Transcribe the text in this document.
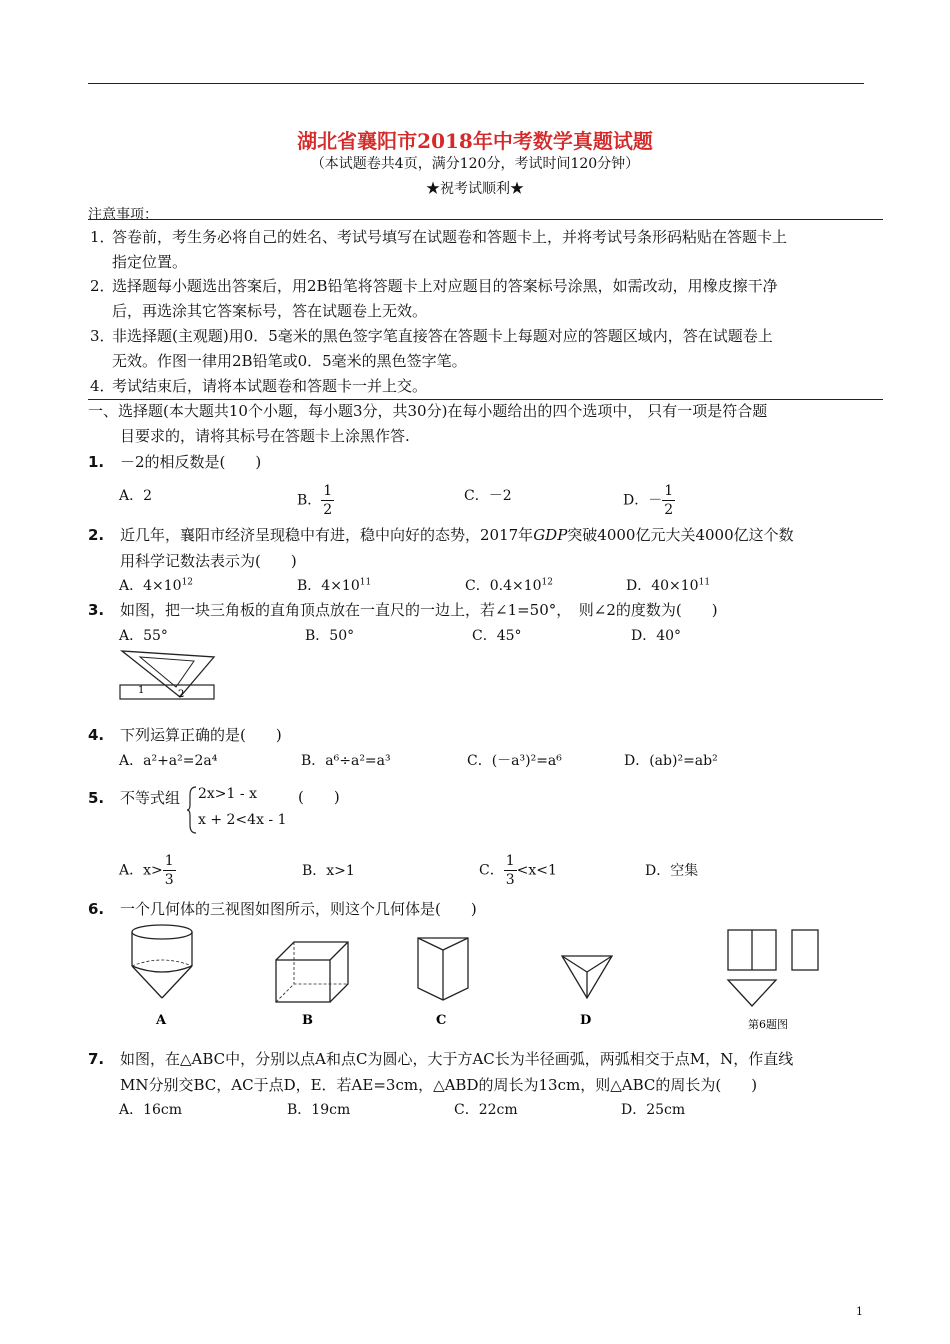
湖北省襄阳市2018年中考数学真题试题
（本试题卷共4页，满分120分，考试时间120分钟）
★祝考试顺利★
注意事项：
1．答卷前，考生务必将自己的姓名、考试号填写在试题卷和答题卡上，并将考试号条形码粘贴在答题卡上
指定位置。
2．选择题每小题选出答案后，用2B铅笔将答题卡上对应题目的答案标号涂黑，如需改动，用橡皮擦干净
后，再选涂其它答案标号，答在试题卷上无效。
3．非选择题(主观题)用0．5毫米的黑色签字笔直接答在答题卡上每题对应的答题区域内，答在试题卷上
无效。作图一律用2B铅笔或0．5毫米的黑色签字笔。
4．考试结束后，请将本试题卷和答题卡一并上交。
一、选择题(本大题共10个小题，每小题3分，共30分)在每小题给出的四个选项中， 只有一项是符合题
目要求的，请将其标号在答题卡上涂黑作答.
1. －2的相反数是(　　)
A．2	B． $\frac{1}{2}$	C．－2	D．－ $\frac{1}{2}$
2. 近几年，襄阳市经济呈现稳中有进，稳中向好的态势，2017年GDP突破4000亿元大关4000亿这个数
用科学记数法表示为(　　)
A．$4\times 10^{12}$	B．$4\times 10^{11}$	C．$0.4\times 10^{12}$	D．$40\times 10^{11}$
3. 如图，把一块三角板的直角顶点放在一直尺的一边上，若∠1=50°，　则∠2的度数为(　　)
A．55°	B．50°	C．45°	D．40°
1	2
4. 下列运算正确的是(　　)
A．a²+a²=2a⁴	B．a⁶÷a²=a³	C．(－a³)²=a⁶	D．(ab)²=ab²
5. 不等式组	2x>1 - x
x + 2<4x - 1
(　　)
A．$x> \frac{1}{3}$	B．x>1	C． $\frac{1}{3} <x<1$	D．空集
6. 一个几何体的三视图如图所示，则这个几何体是(　　)
A	B	C	D	第6题图
7. 如图，在△ABC中，分别以点A和点C为圆心，大于方AC长为半径画弧，两弧相交于点M，N，作直线
MN分别交BC，AC于点D，E．若AE=3cm，△ABD的周长为13cm，则△ABC的周长为(　　)
A．16cm	B．19cm	C．22cm	D．25cm
1
